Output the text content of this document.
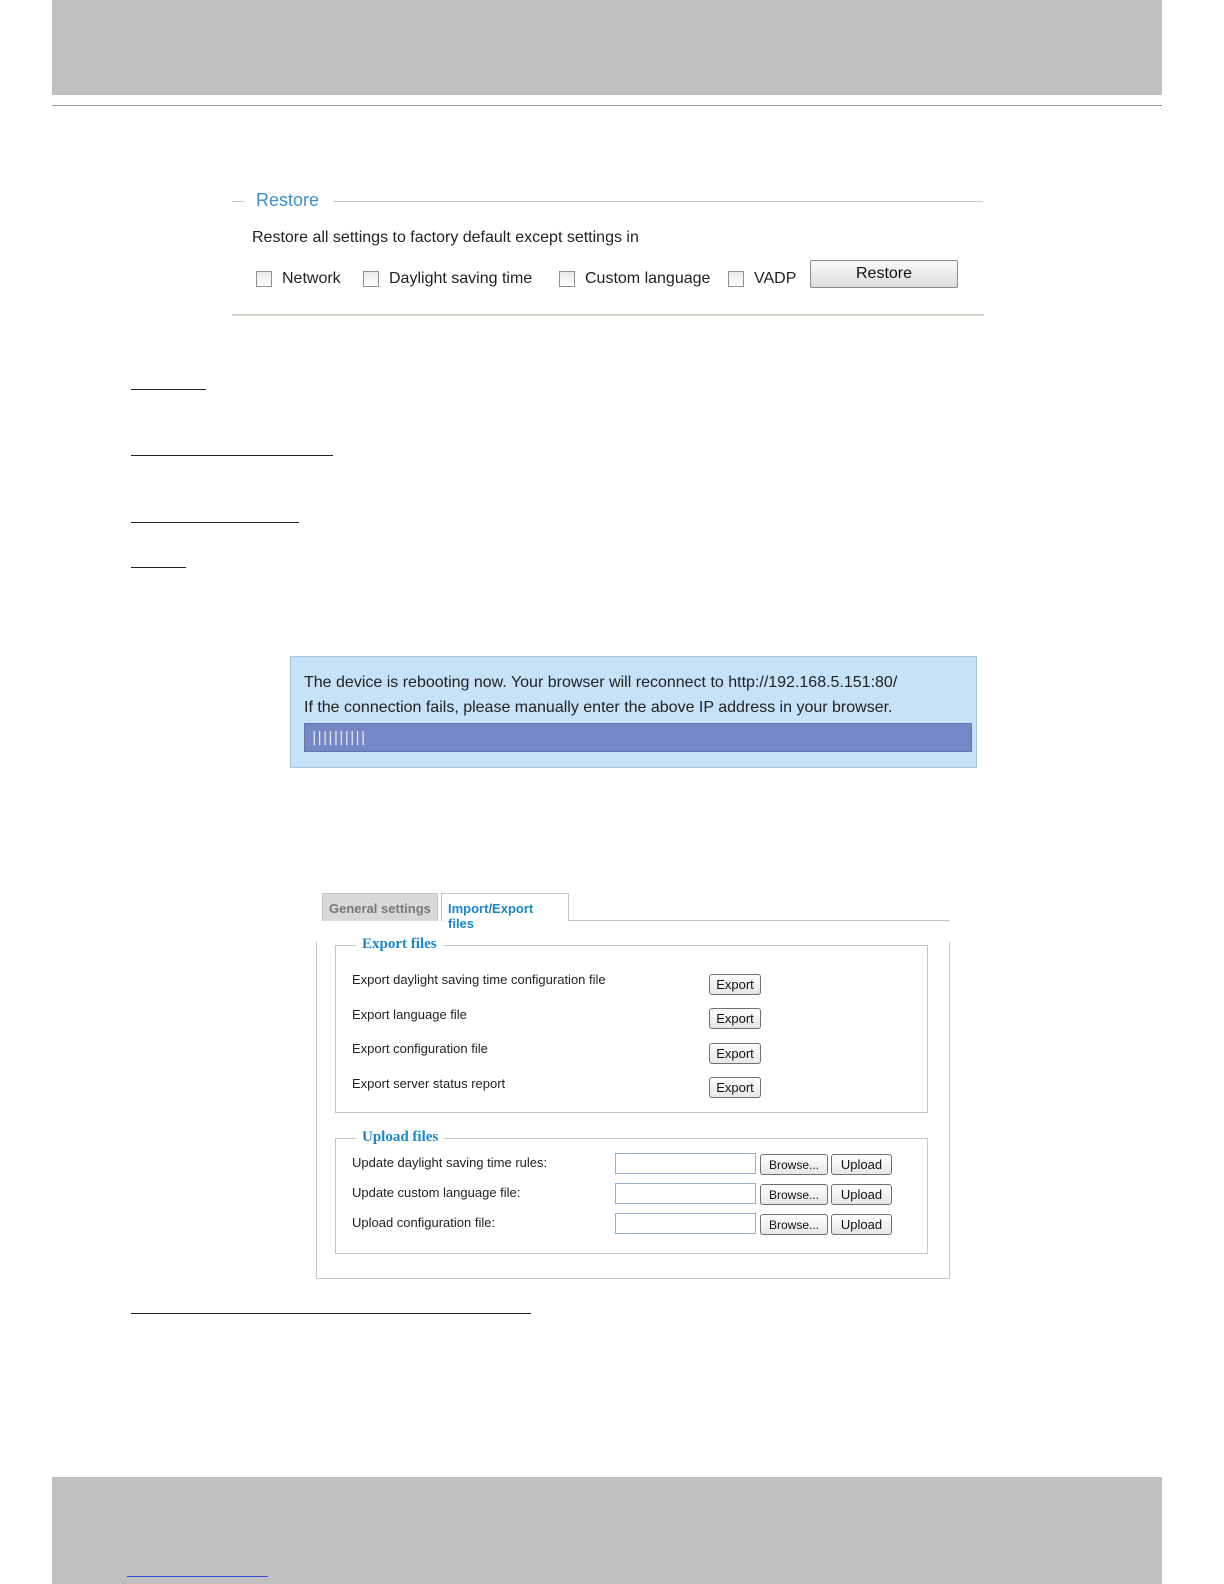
Restore
Restore all settings to factory default except settings in
Network	Daylight saving time	Custom language	VADP	Restore
The device is rebooting now. Your browser will reconnect to http://192.168.5.151:80/
If the connection fails, please manually enter the above IP address in your browser.
||||||||||
General settings	Import/Export files
Export files
Export daylight saving time configuration file	Export
Export language file	Export
Export configuration file	Export
Export server status report	Export
Upload files
Update daylight saving time rules:	Browse...	Upload
Update custom language file:	Browse...	Upload
Upload configuration file:	Browse...	Upload
